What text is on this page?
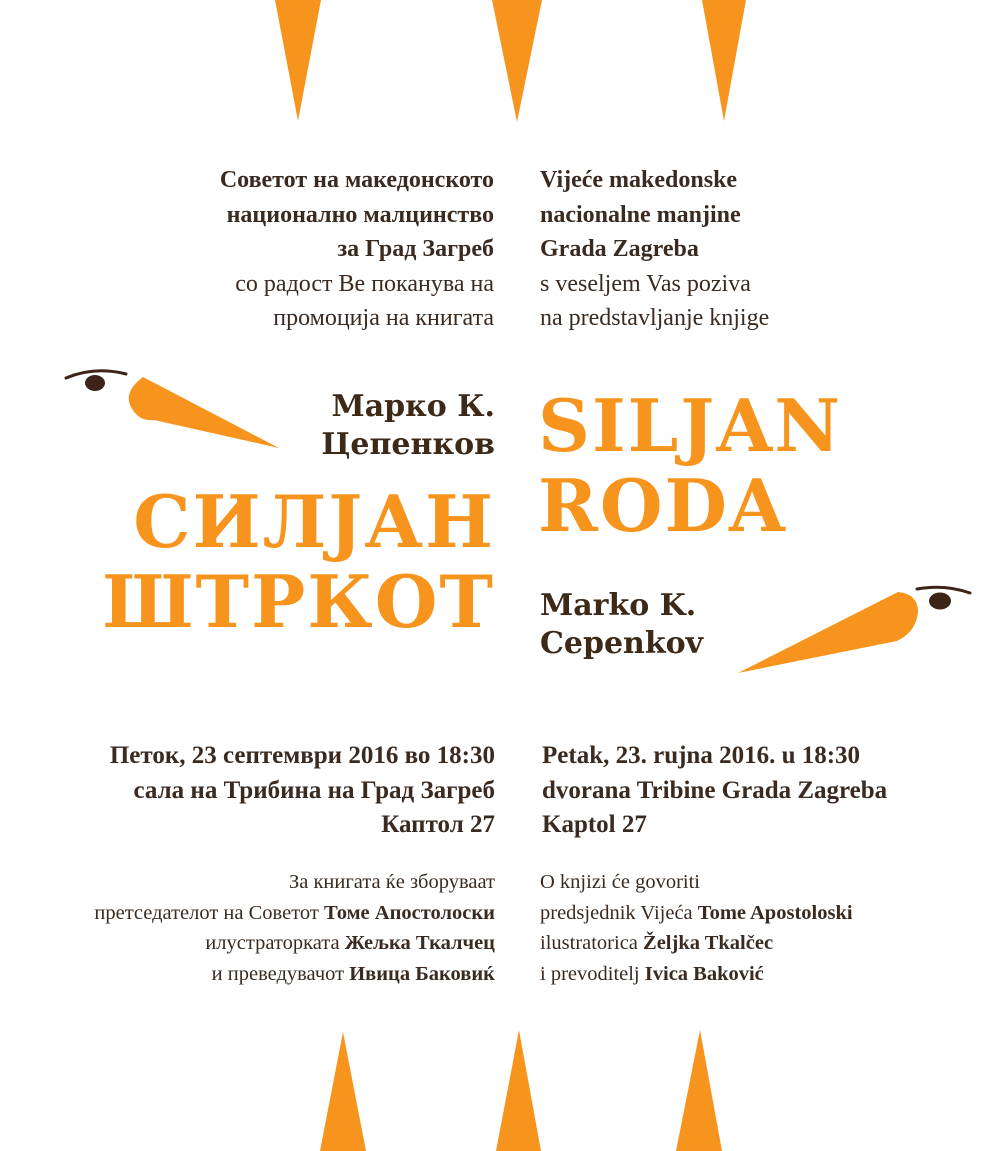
Советот на македонското
национално малцинство
за Град Загреб
со радост Ве поканува на
промоција на книгата
Vijeće makedonske
nacionalne manjine
Grada Zagreba
s veseljem Vas poziva
na predstavljanje knjige
Марко К.
Цепенков SILJAN
RODA
СИЛЈАН
ШТРКОТ Marko K.
Cepenkov
Петок, 23 септември 2016 во 18:30
сала на Трибина на Град Загреб
Каптол 27
Petak, 23. rujna 2016. u 18:30
dvorana Tribine Grada Zagreba
Kaptol 27
За книгата ќе зборуваат
претседателот на Советот Томе Апостолоски
илустраторката Жељка Ткалчец
и преведувачот Ивица Баковиќ
O knjizi će govoriti
predsjednik Vijeća Tome Apostoloski
ilustratorica Željka Tkalčec
i prevoditelj Ivica Baković
